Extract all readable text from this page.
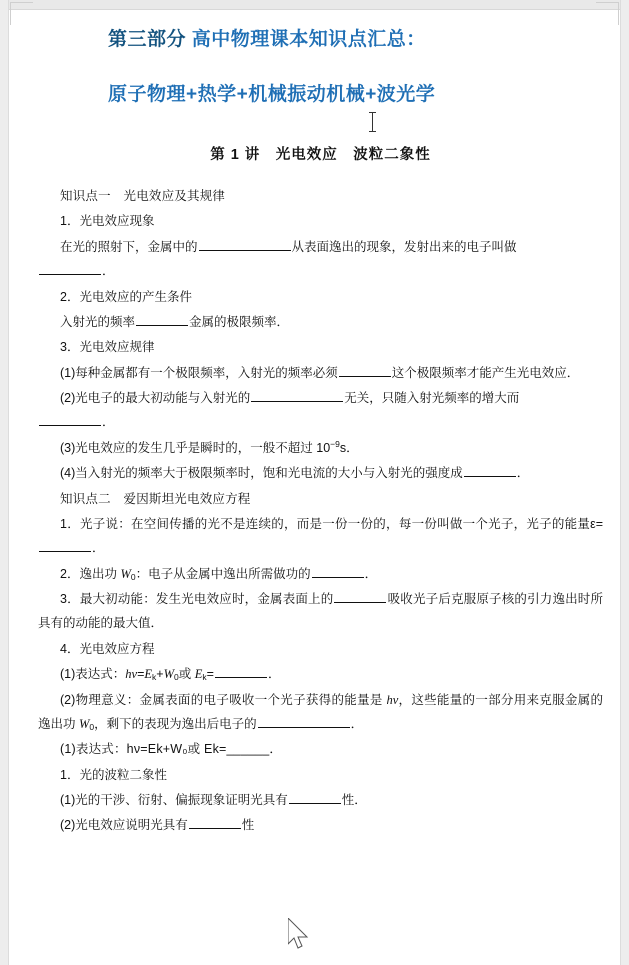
第三部分 高中物理课本知识点汇总：
原子物理+热学+机械振动机械+波光学
第 1 讲　光电效应　波粒二象性

知识点一　光电效应及其规律

1．光电效应现象

在光的照射下，金属中的	从表面逸出的现象，发射出来的电子叫做
．

2．光电效应的产生条件

入射光的频率	金属的极限频率．

3．光电效应规律

(1)每种金属都有一个极限频率，入射光的频率必须	这个极限频率才能产生光电效应．

(2)光电子的最大初动能与入射光的	无关，只随入射光频率的增大而
．

(3)光电效应的发生几乎是瞬时的，一般不超过 $10^{-9}s$．

(4)当入射光的频率大于极限频率时，饱和光电流的大小与入射光的强度成	．

知识点二　爱因斯坦光电效应方程

1．光子说：在空间传播的光不是连续的，而是一份一份的，每一份叫做一个光子，光子的能量ε=．

2．逸出功 $W_0$：电子从金属中逸出所需做功的	．

3．最大初动能：发生光电效应时，金属表面上的	吸收光子后克服原子核的引力逸出时所具有的动能的最大值．

4．光电效应方程

(1)表达式：$h\nu=E_k+W_0$或 $E_k=$	．

(2)物理意义：金属表面的电子吸收一个光子获得的能量是 hν，这些能量的一部分用来克服金属的逸出功 $W_0$，剩下的表现为逸出后电子的	．

(1)表达式：hν=Ek+W₀或 Ek=______．

1．光的波粒二象性

(1)光的干涉、衍射、偏振现象证明光具有	性．

(2)光电效应说明光具有	性
